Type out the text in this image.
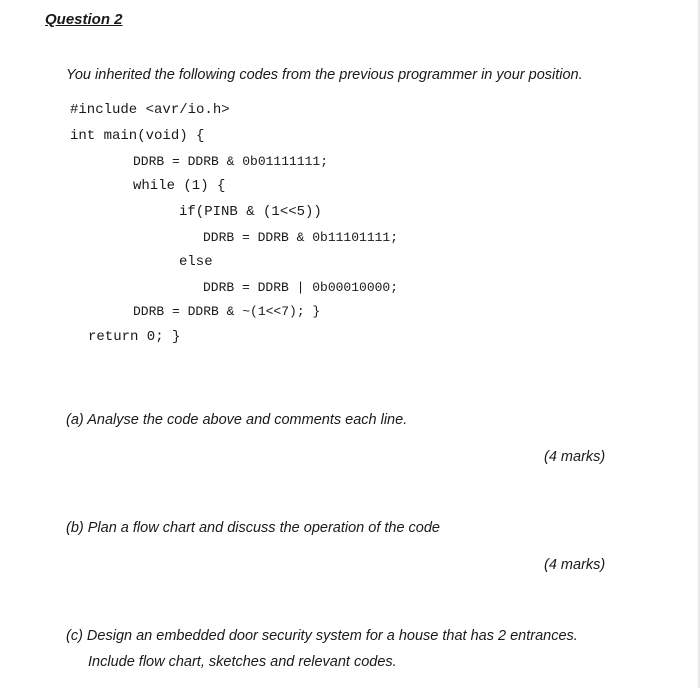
Question 2
You inherited the following codes from the previous programmer in your position.
#include <avr/io.h>
int main(void) {
DDRB = DDRB & 0b01111111;
while (1) {
if(PINB & (1<<5))
DDRB = DDRB & 0b11101111;
else
DDRB = DDRB | 0b00010000;
DDRB = DDRB & ~(1<<7); }
return 0; }
(a) Analyse the code above and comments each line.
(4 marks)
(b) Plan a flow chart and discuss the operation of the code
(4 marks)
(c) Design an embedded door security system for a house that has 2 entrances.
Include flow chart, sketches and relevant codes.
